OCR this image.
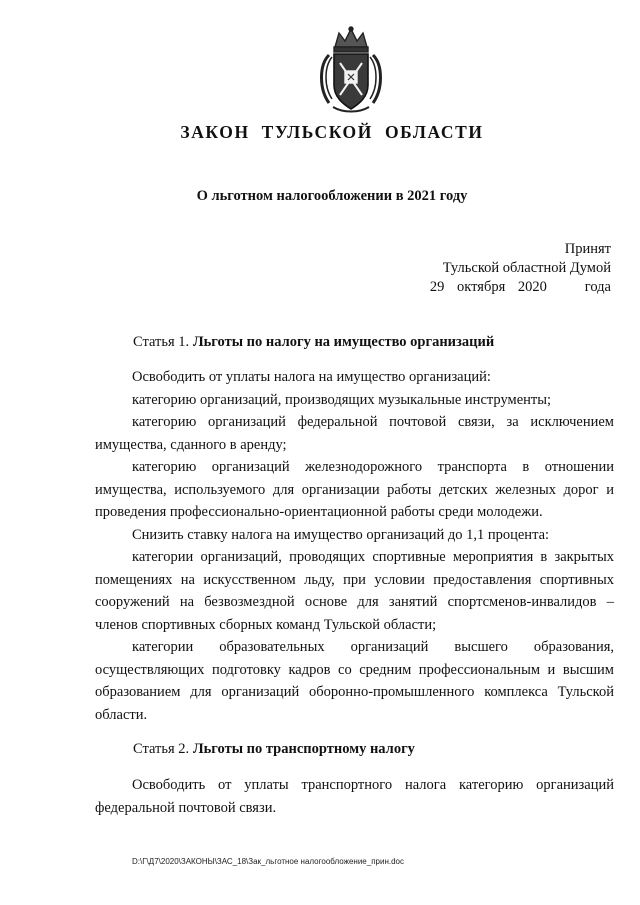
ЗАКОН ТУЛЬСКОЙ ОБЛАСТИ
О льготном налогообложении в 2021 году
Принят
Тульской областной Думой
29 октября 2020	года
Статья 1. Льготы по налогу на имущество организаций

Освободить от уплаты налога на имущество организаций:

категорию организаций, производящих музыкальные инструменты;

категорию организаций федеральной почтовой связи, за исключением имущества, сданного в аренду;

категорию организаций железнодорожного транспорта в отношении имущества, используемого для организации работы детских железных дорог и проведения профессионально-ориентационной работы среди молодежи.

Снизить ставку налога на имущество организаций до 1,1 процента:

категории организаций, проводящих спортивные мероприятия в закрытых помещениях на искусственном льду, при условии предоставления спортивных сооружений на безвозмездной основе для занятий спортсменов-инвалидов – членов спортивных сборных команд Тульской области;

категории образовательных организаций высшего образования, осуществляющих подготовку кадров со средним профессиональным и высшим образованием для организаций оборонно-промышленного комплекса Тульской области.

Статья 2. Льготы по транспортному налогу

Освободить от уплаты транспортного налога категорию организаций федеральной почтовой связи.

D:\Г\Д7\2020\ЗАКОНЫ\ЗАС_18\Зак_льготное налогообложение_прин.doc
